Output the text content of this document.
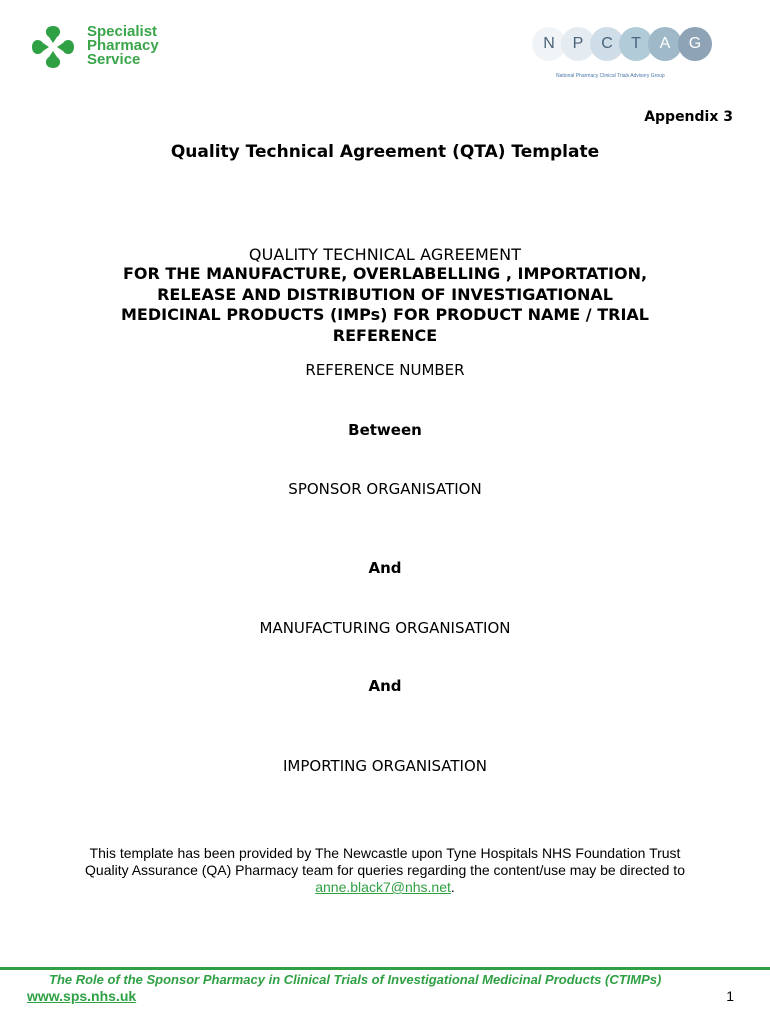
Specialist
Pharmacy
Service
N	P	C	T	A	G
National Pharmacy Clinical Trials Advisory Group
Appendix 3
Quality Technical Agreement (QTA) Template
QUALITY TECHNICAL AGREEMENT
FOR THE MANUFACTURE, OVERLABELLING , IMPORTATION,
RELEASE AND DISTRIBUTION OF INVESTIGATIONAL
MEDICINAL PRODUCTS (IMPs) FOR PRODUCT NAME / TRIAL
REFERENCE
REFERENCE NUMBER
Between
SPONSOR ORGANISATION
And
MANUFACTURING ORGANISATION
And
IMPORTING ORGANISATION
This template has been provided by The Newcastle upon Tyne Hospitals NHS Foundation Trust
Quality Assurance (QA) Pharmacy team for queries regarding the content/use may be directed to
anne.black7@nhs.net.
The Role of the Sponsor Pharmacy in Clinical Trials of Investigational Medicinal Products (CTIMPs)
www.sps.nhs.uk	1
